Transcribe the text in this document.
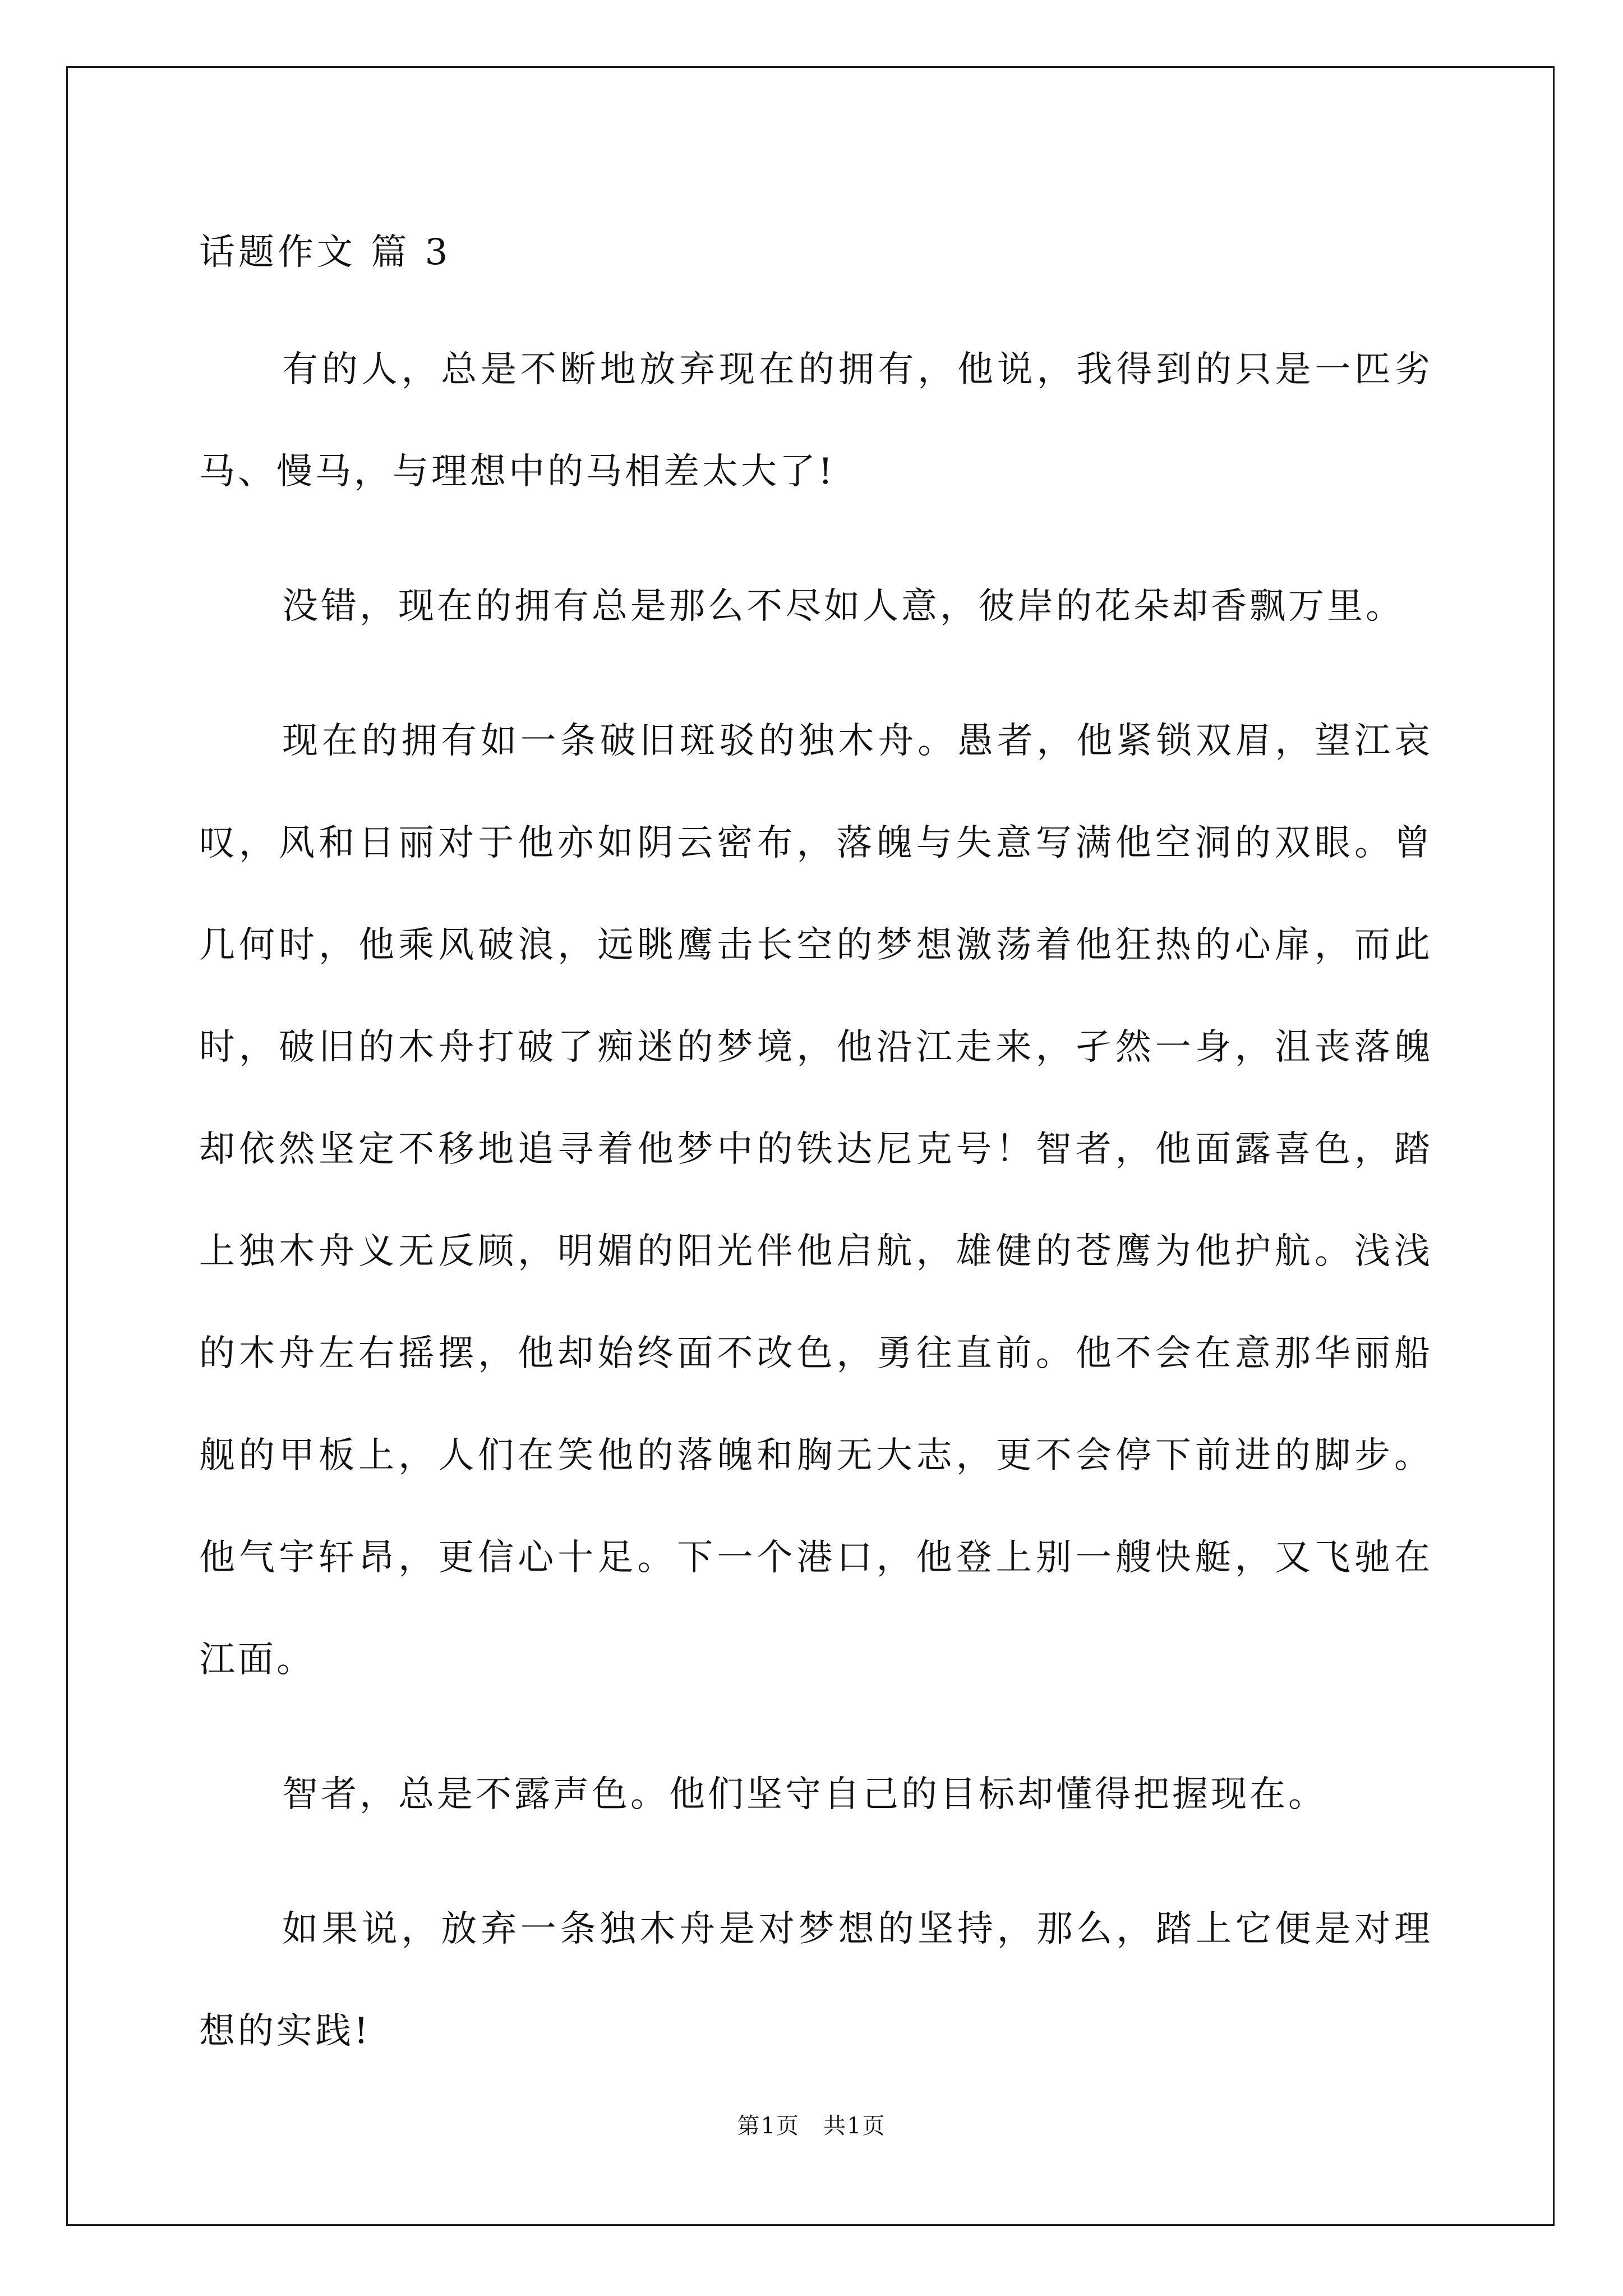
话题作文 篇 3

有的人，总是不断地放弃现在的拥有，他说，我得到的只是一匹劣马、慢马，与理想中的马相差太大了!

没错，现在的拥有总是那么不尽如人意，彼岸的花朵却香飘万里。

现在的拥有如一条破旧斑驳的独木舟。愚者，他紧锁双眉，望江哀叹，风和日丽对于他亦如阴云密布，落魄与失意写满他空洞的双眼。曾几何时，他乘风破浪，远眺鹰击长空的梦想激荡着他狂热的心扉，而此时，破旧的木舟打破了痴迷的梦境，他沿江走来，孑然一身，沮丧落魄却依然坚定不移地追寻着他梦中的铁达尼克号！智者，他面露喜色，踏上独木舟义无反顾，明媚的阳光伴他启航，雄健的苍鹰为他护航。浅浅的木舟左右摇摆，他却始终面不改色，勇往直前。他不会在意那华丽船舰的甲板上，人们在笑他的落魄和胸无大志，更不会停下前进的脚步。他气宇轩昂，更信心十足。下一个港口，他登上别一艘快艇，又飞驰在江面。

智者，总是不露声色。他们坚守自己的目标却懂得把握现在。

如果说，放弃一条独木舟是对梦想的坚持，那么，踏上它便是对理想的实践!

第1页　共1页
